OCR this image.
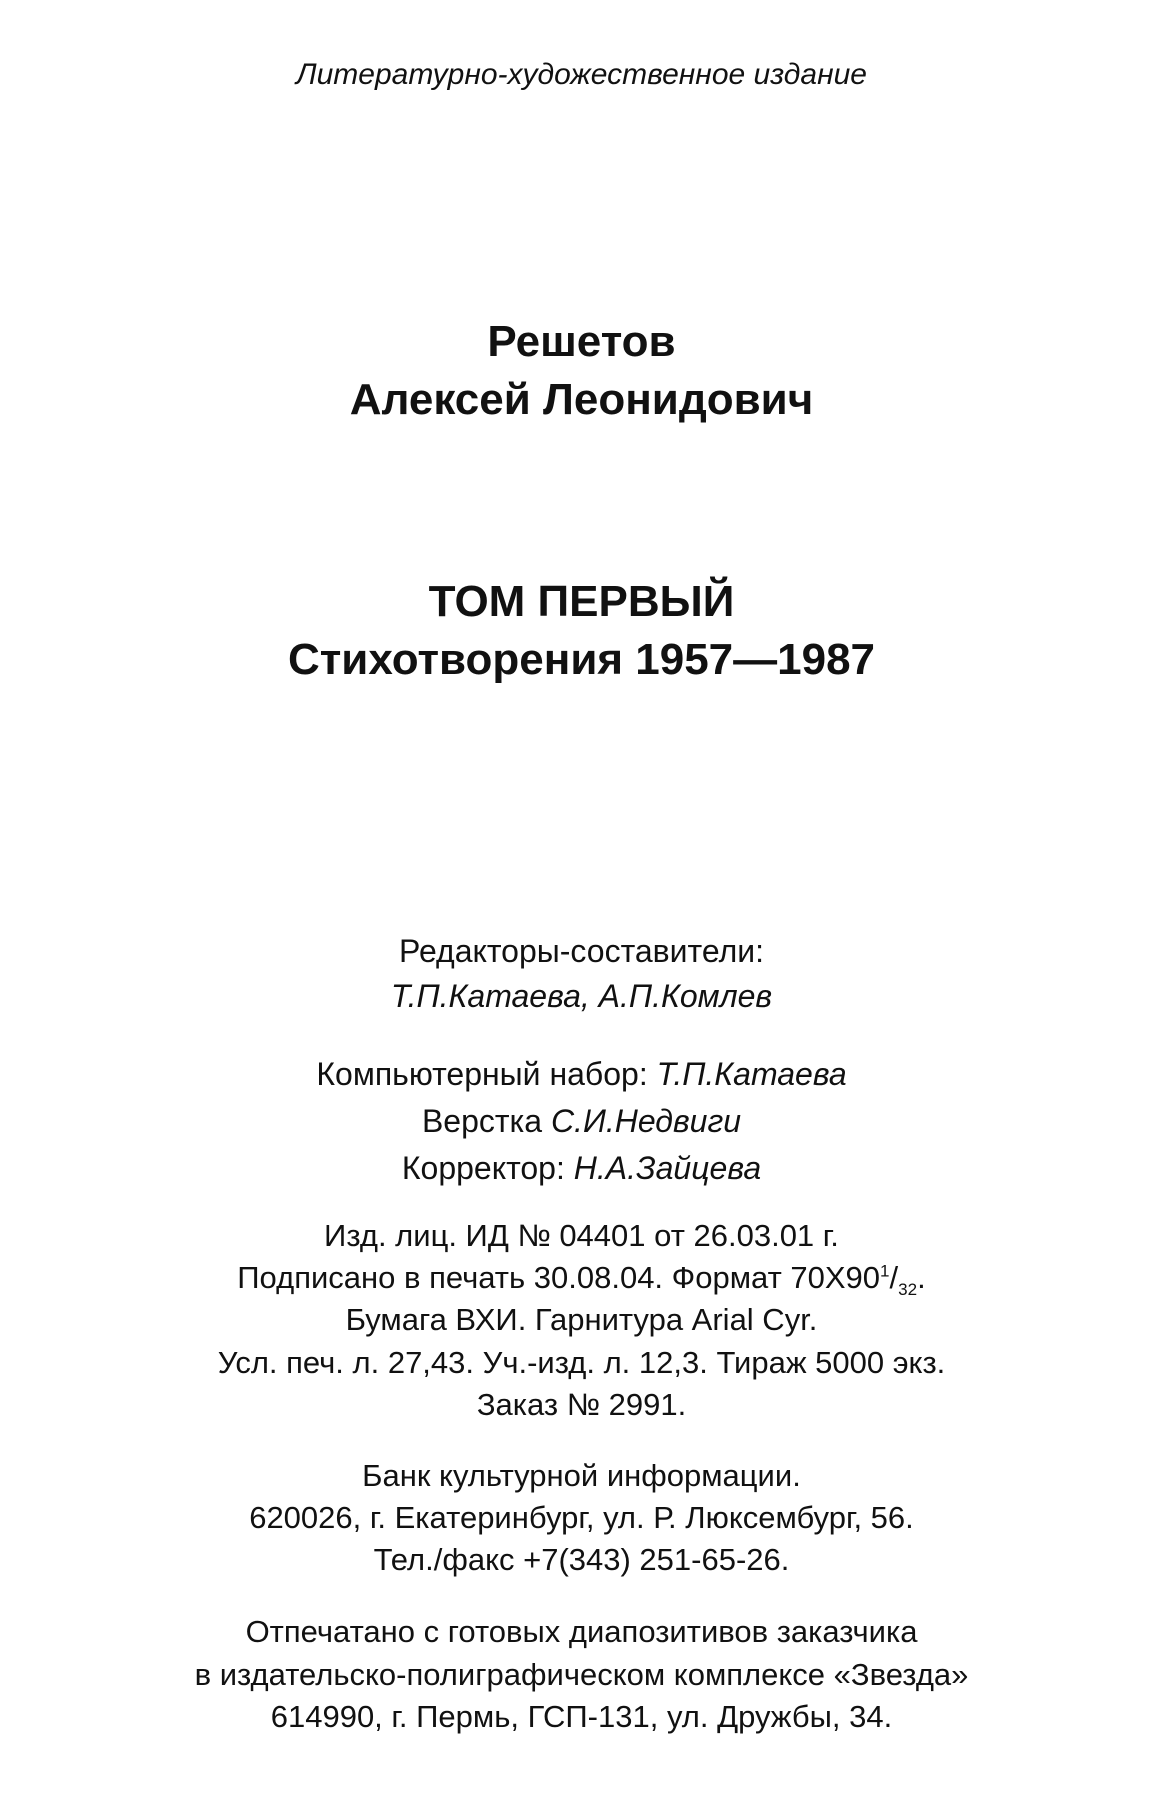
Литературно-художественное издание
Решетов
Алексей Леонидович
ТОМ ПЕРВЫЙ
Стихотворения 1957—1987
Редакторы-составители:
Т.П.Катаева, А.П.Комлев
Компьютерный набор: Т.П.Катаева
Верстка С.И.Недвиги
Корректор: Н.А.Зайцева
Изд. лиц. ИД № 04401 от 26.03.01 г.
Подписано в печать 30.08.04. Формат $70Х90^1/_{32}$.
Бумага ВХИ. Гарнитура Arial Cyr.
Усл. печ. л. 27,43. Уч.-изд. л. 12,3. Тираж 5000 экз.
Заказ № 2991.
Банк культурной информации.
620026, г. Екатеринбург, ул. Р. Люксембург, 56.
Тел./факс +7(343) 251-65-26.
Отпечатано с готовых диапозитивов заказчика
в издательско-полиграфическом комплексе «Звезда»
614990, г. Пермь, ГСП-131, ул. Дружбы, 34.
